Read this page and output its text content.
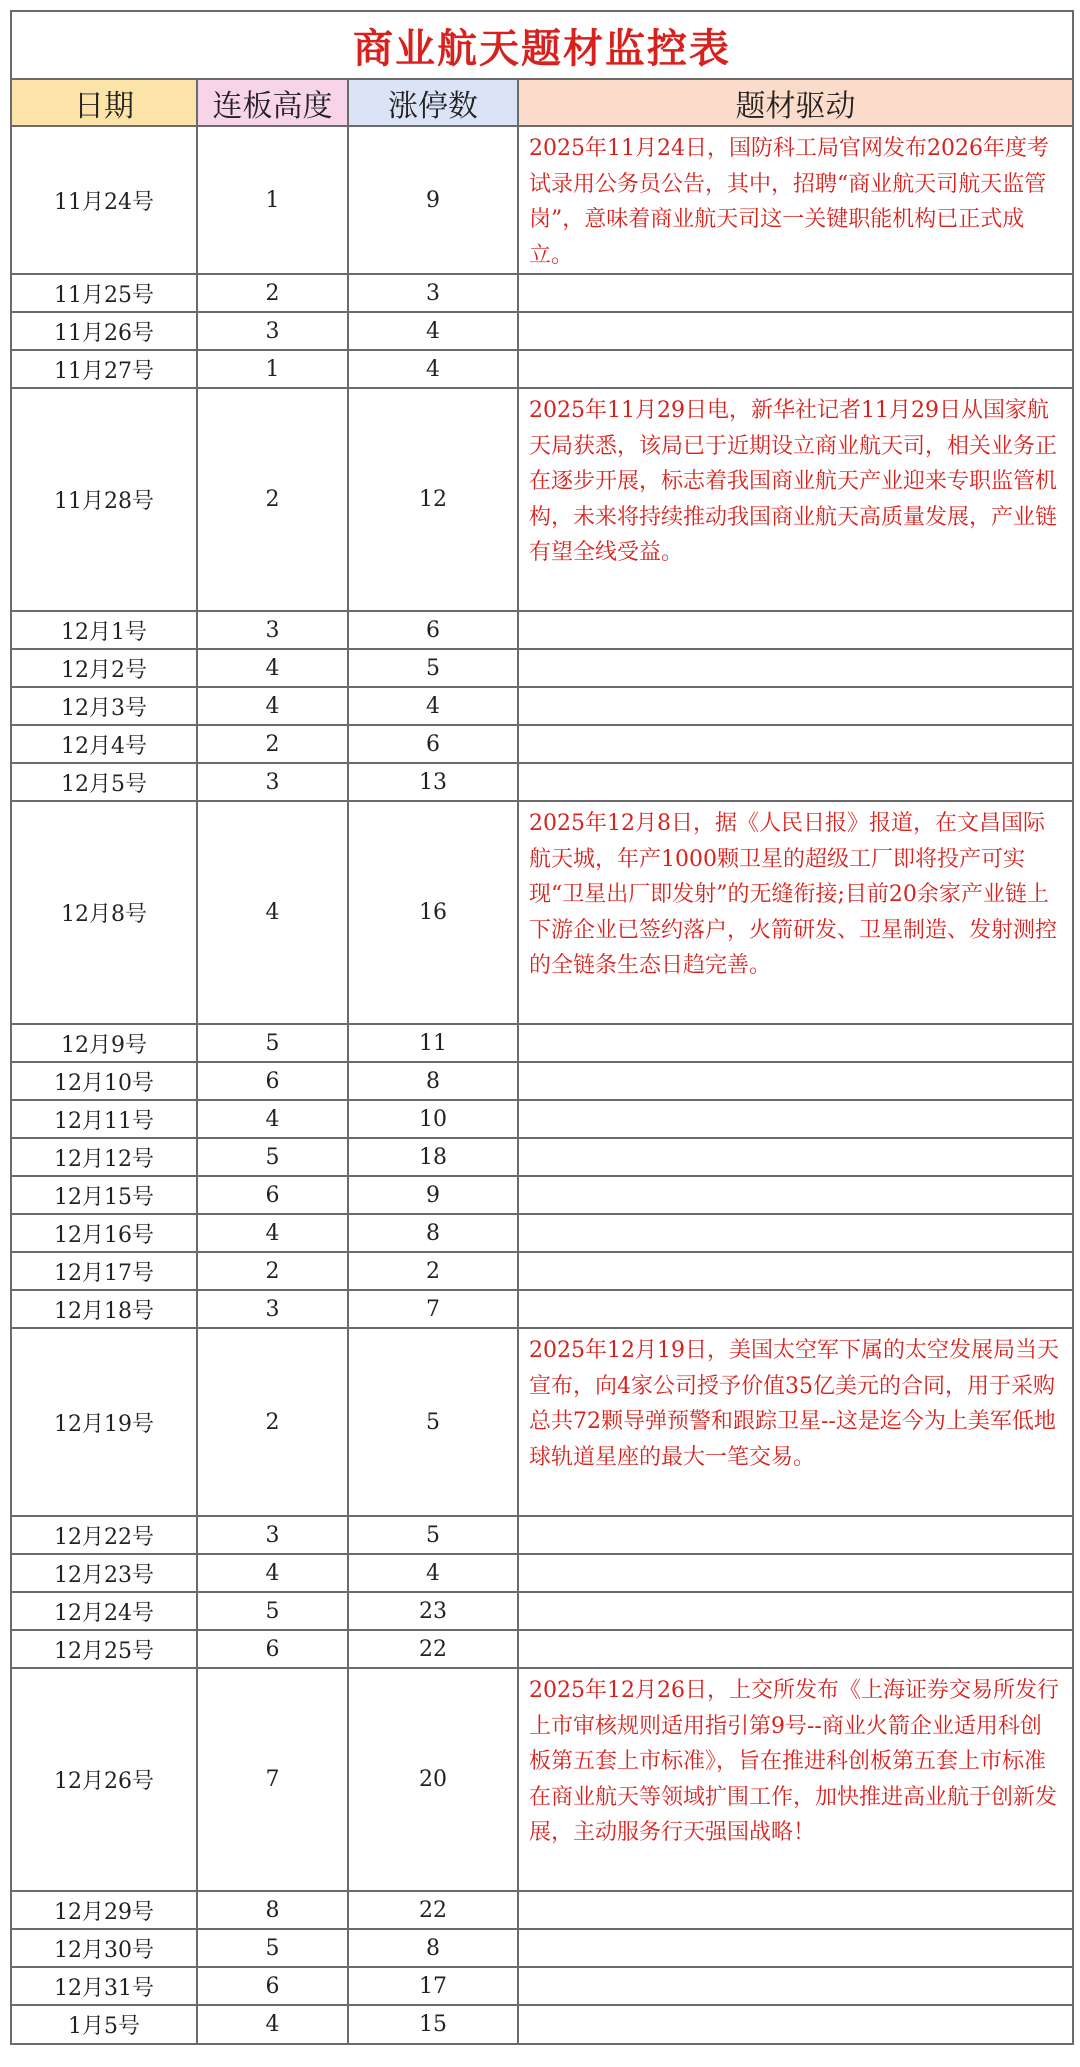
商业航天题材监控表			
日期	连板高度	涨停数	题材驱动
11月24号	1	9	2025年11月24日，国防科工局官网发布2026年度考试录用公务员公告，其中，招聘“商业航天司航天监管岗”，意味着商业航天司这一关键职能机构已正式成立。
11月25号	2	3	
11月26号	3	4	
11月27号	1	4	
11月28号	2	12	2025年11月29日电，新华社记者11月29日从国家航天局获悉，该局已于近期设立商业航天司，相关业务正在逐步开展，标志着我国商业航天产业迎来专职监管机构，未来将持续推动我国商业航天高质量发展，产业链有望全线受益。
12月1号	3	6	
12月2号	4	5	
12月3号	4	4	
12月4号	2	6	
12月5号	3	13	
12月8号	4	16	2025年12月8日，据《人民日报》报道，在文昌国际航天城，年产1000颗卫星的超级工厂即将投产可实现“卫星出厂即发射”的无缝衔接;目前20余家产业链上下游企业已签约落户，火箭研发、卫星制造、发射测控的全链条生态日趋完善。
12月9号	5	11	
12月10号	6	8	
12月11号	4	10	
12月12号	5	18	
12月15号	6	9	
12月16号	4	8	
12月17号	2	2	
12月18号	3	7	
12月19号	2	5	2025年12月19日，美国太空军下属的太空发展局当天宣布，向4家公司授予价值35亿美元的合同，用于采购总共72颗导弹预警和跟踪卫星--这是迄今为上美军低地球轨道星座的最大一笔交易。
12月22号	3	5	
12月23号	4	4	
12月24号	5	23	
12月25号	6	22	
12月26号	7	20	2025年12月26日，上交所发布《上海证券交易所发行上市审核规则适用指引第9号--商业火箭企业适用科创板第五套上市标准》，旨在推进科创板第五套上市标准在商业航天等领域扩围工作，加快推进高业航于创新发展，主动服务行天强国战略！
12月29号	8	22	
12月30号	5	8	
12月31号	6	17	
1月5号	4	15	
